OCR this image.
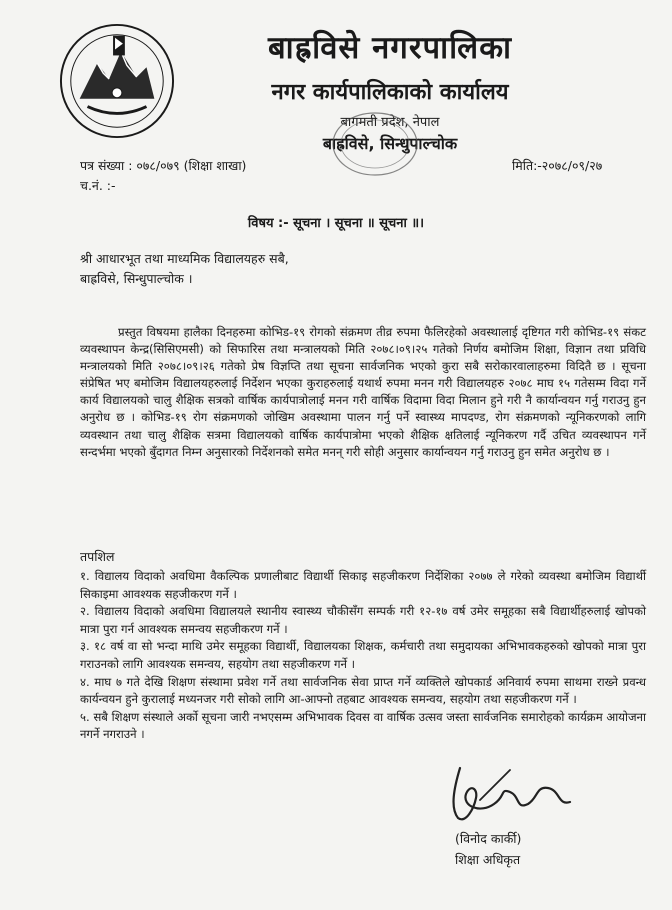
बाह्रविसे नगरपालिका
नगर कार्यपालिकाको कार्यालय
बागमती प्रदेश, नेपाल
बाह्रविसे, सिन्धुपाल्चोक
पत्र संख्या : ०७८/०७९ (शिक्षा शाखा)
च.नं. :-
मिति:-२०७८/०९/२७
विषय :- सूचना । सूचना ॥ सूचना ॥।
श्री आधारभूत तथा माध्यमिक विद्यालयहरु सबै,
बाह्रविसे, सिन्धुपाल्चोक ।

प्रस्तुत विषयमा हालैका दिनहरुमा कोभिड-१९ रोगको संक्रमण तीव्र रुपमा फैलिरहेको अवस्थालाई दृष्टिगत गरी कोभिड-१९ संकट व्यवस्थापन केन्द्र(सिसिएमसी) को सिफारिस तथा मन्त्रालयको मिति २०७८।०९।२५ गतेको निर्णय बमोजिम शिक्षा, विज्ञान तथा प्रविधि मन्त्रालयको मिति २०७८।०९।२६ गतेको प्रेष विज्ञप्ति तथा सूचना सार्वजनिक भएको कुरा सबै सरोकारवालाहरुमा विदितै छ । सूचना संप्रेषित भए बमोजिम विद्यालयहरुलाई निर्देशन भएका कुराहरुलाई यथार्थ रुपमा मनन गरी विद्यालयहरु २०७८ माघ १५ गतेसम्म विदा गर्ने कार्य विद्यालयको चालु शैक्षिक सत्रको वार्षिक कार्यपात्रोलाई मनन गरी वार्षिक विदामा विदा मिलान हुने गरी नै कार्यान्वयन गर्नु गराउनु हुन अनुरोध छ । कोभिड-१९ रोग संक्रमणको जोखिम अवस्थामा पालन गर्नु पर्ने स्वास्थ्य मापदण्ड, रोग संक्रमणको न्यूनिकरणको लागि व्यवस्थान तथा चालु शैक्षिक सत्रमा विद्यालयको वार्षिक कार्यपात्रोमा भएको शैक्षिक क्षतिलाई न्यूनिकरण गर्दै उचित व्यवस्थापन गर्ने सन्दर्भमा भएको बुँदागत निम्न अनुसारको निर्देशनको समेत मनन् गरी सोही अनुसार कार्यान्वयन गर्नु गराउनु हुन समेत अनुरोध छ ।

तपशिल
१. विद्यालय विदाको अवधिमा वैकल्पिक प्रणालीबाट विद्यार्थी सिकाइ सहजीकरण निर्देशिका २०७७ ले गरेको व्यवस्था बमोजिम विद्यार्थी सिकाइमा आवश्यक सहजीकरण गर्ने ।
२. विद्यालय विदाको अवधिमा विद्यालयले स्थानीय स्वास्थ्य चौकीसँग सम्पर्क गरी १२-१७ वर्ष उमेर समूहका सबै विद्यार्थीहरुलाई खोपको मात्रा पुरा गर्न आवश्यक समन्वय सहजीकरण गर्ने ।
३. १८ वर्ष वा सो भन्दा माथि उमेर समूहका विद्यार्थी, विद्यालयका शिक्षक, कर्मचारी तथा समुदायका अभिभावकहरुको खोपको मात्रा पुरा गराउनको लागि आवश्यक समन्वय, सहयोग तथा सहजीकरण गर्ने ।
४. माघ ७ गते देखि शिक्षण संस्थामा प्रवेश गर्ने तथा सार्वजनिक सेवा प्राप्त गर्ने व्यक्तिले खोपकार्ड अनिवार्य रुपमा साथमा राख्ने प्रवन्ध कार्यन्वयन हुने कुरालाई मध्यनजर गरी सोको लागि आ-आफ्नो तहबाट आवश्यक समन्वय, सहयोग तथा सहजीकरण गर्ने ।
५. सबै शिक्षण संस्थाले अर्को सूचना जारी नभएसम्म अभिभावक दिवस वा वार्षिक उत्सव जस्ता सार्वजनिक समारोहको कार्यक्रम आयोजना नगर्ने नगराउने ।
(विनोद कार्की)
शिक्षा अधिकृत
